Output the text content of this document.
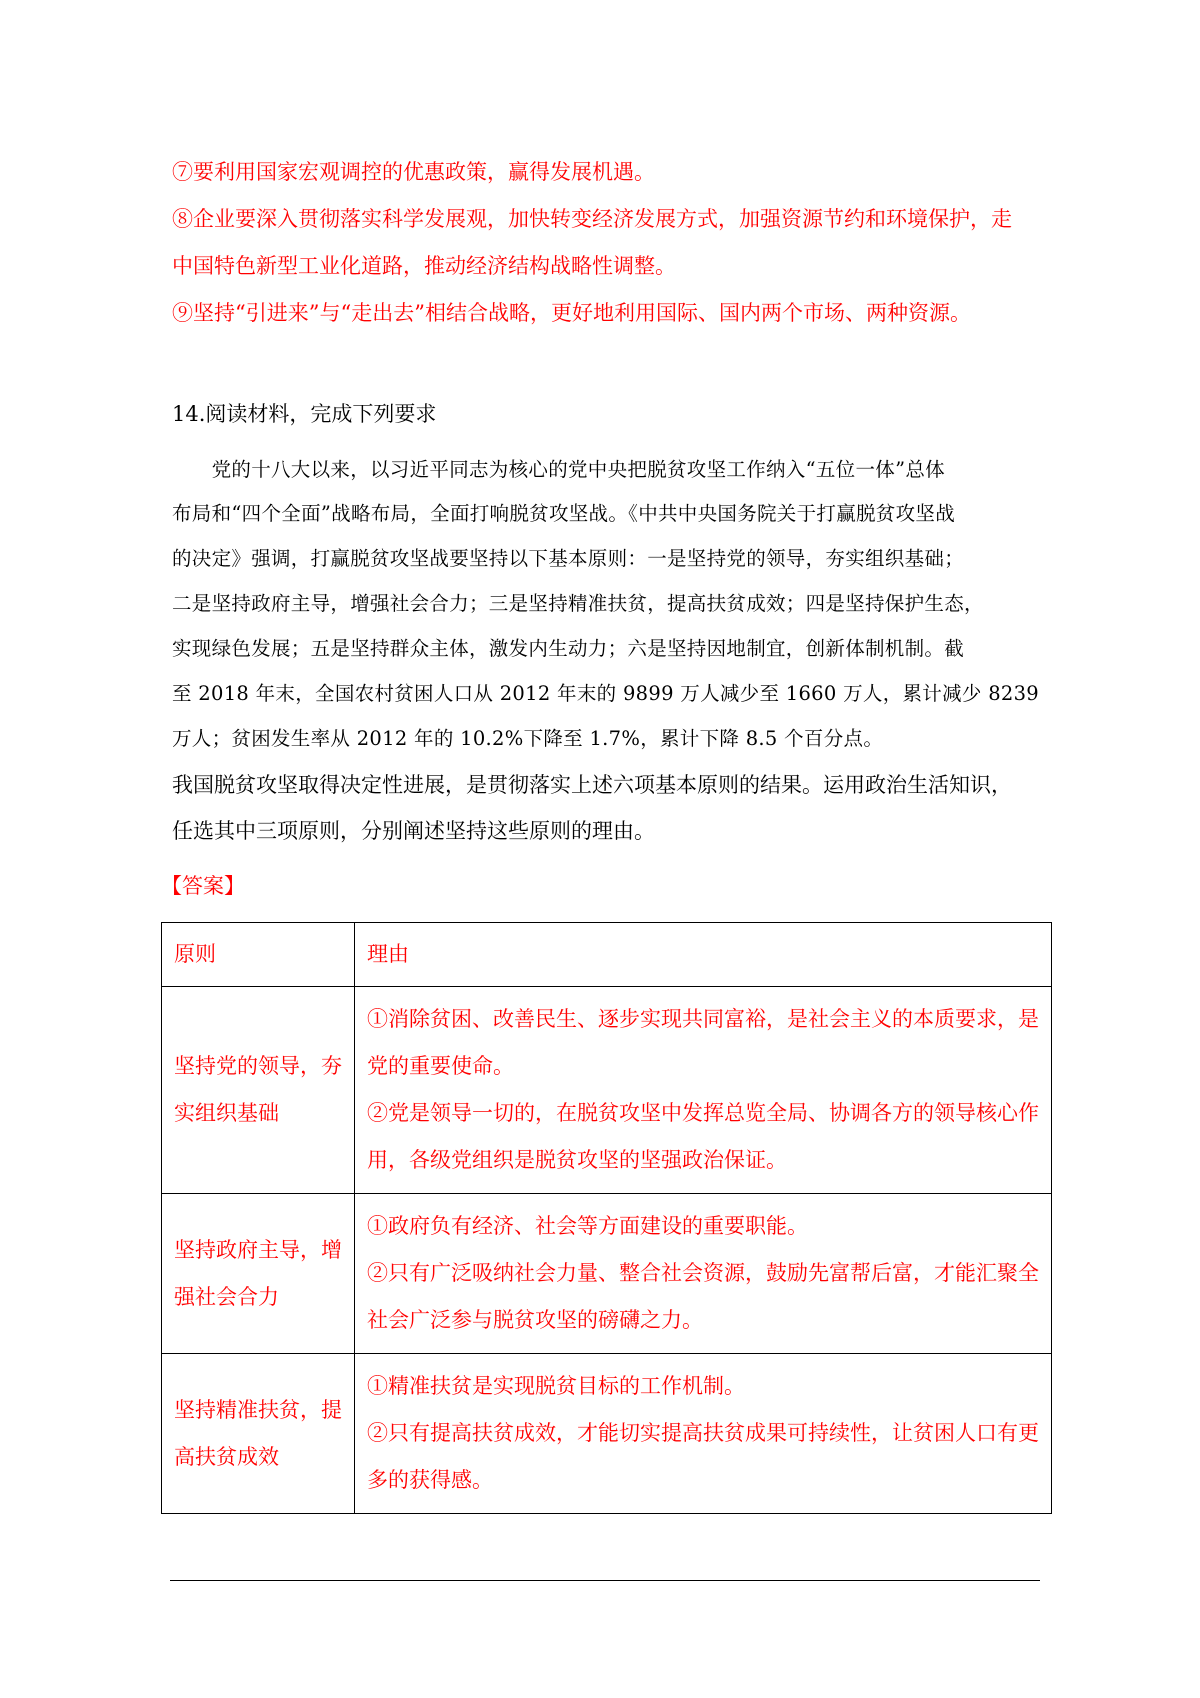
⑦要利用国家宏观调控的优惠政策，赢得发展机遇。
⑧企业要深入贯彻落实科学发展观，加快转变经济发展方式，加强资源节约和环境保护，走
中国特色新型工业化道路，推动经济结构战略性调整。
⑨坚持“引进来”与“走出去”相结合战略，更好地利用国际、国内两个市场、两种资源。
14.阅读材料，完成下列要求
　　党的十八大以来，以习近平同志为核心的党中央把脱贫攻坚工作纳入“五位一体”总体
布局和“四个全面”战略布局，全面打响脱贫攻坚战。《中共中央国务院关于打赢脱贫攻坚战
的决定》强调，打赢脱贫攻坚战要坚持以下基本原则：一是坚持党的领导，夯实组织基础；
二是坚持政府主导，增强社会合力；三是坚持精准扶贫，提高扶贫成效；四是坚持保护生态，
实现绿色发展；五是坚持群众主体，激发内生动力；六是坚持因地制宜，创新体制机制。截
至 2018 年末，全国农村贫困人口从 2012 年末的 9899 万人减少至 1660 万人，累计减少 8239
万人；贫困发生率从 2012 年的 10.2%下降至 1.7%，累计下降 8.5 个百分点。
我国脱贫攻坚取得决定性进展，是贯彻落实上述六项基本原则的结果。运用政治生活知识，
任选其中三项原则，分别阐述坚持这些原则的理由。
【答案】
原则	理由

坚持党的领导，夯
实组织基础	①消除贫困、改善民生、逐步实现共同富裕，是社会主义的本质要求，是
党的重要使命。
②党是领导一切的，在脱贫攻坚中发挥总览全局、协调各方的领导核心作
用，各级党组织是脱贫攻坚的坚强政治保证。

坚持政府主导，增
强社会合力	①政府负有经济、社会等方面建设的重要职能。
②只有广泛吸纳社会力量、整合社会资源，鼓励先富帮后富，才能汇聚全
社会广泛参与脱贫攻坚的磅礴之力。

坚持精准扶贫，提
高扶贫成效	①精准扶贫是实现脱贫目标的工作机制。
②只有提高扶贫成效，才能切实提高扶贫成果可持续性，让贫困人口有更
多的获得感。
